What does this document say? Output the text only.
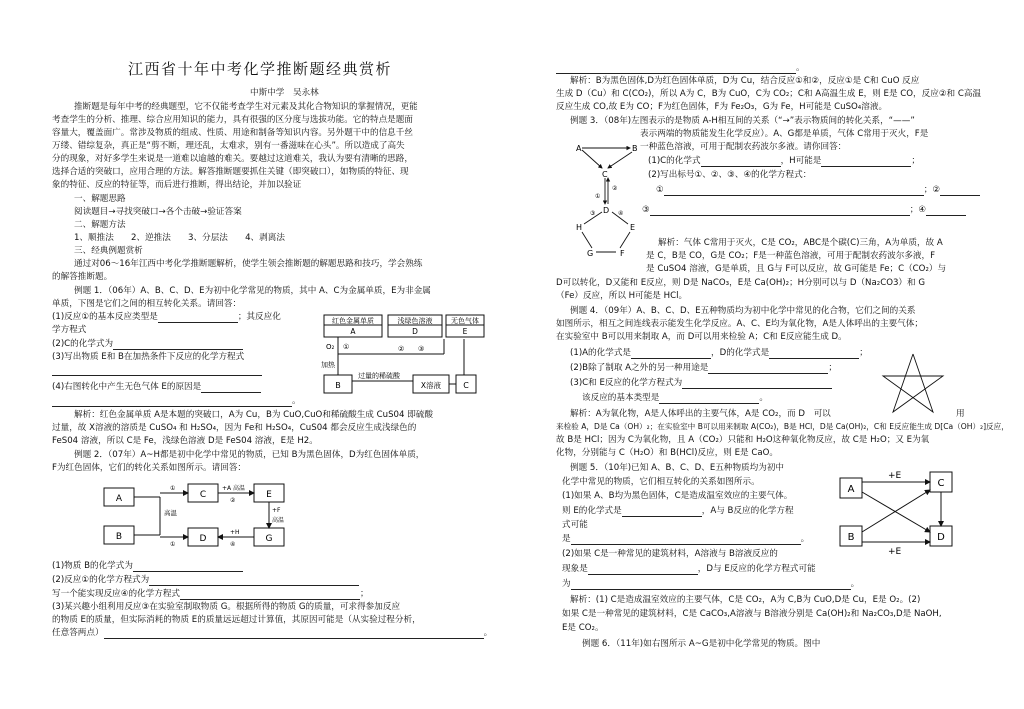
江西省十年中考化学推断题经典赏析
中斯中学　吴永林
推断题是每年中考的经典题型，它不仅能考查学生对元素及其化合物知识的掌握情况，更能
考查学生的分析、推理、综合应用知识的能力，具有很强的区分度与选拔功能。它的特点是题面
容量大，覆盖面广。常涉及物质的组成、性质、用途和制备等知识内容。另外题干中的信息千丝
万缕、错综复杂，真正是“剪不断，理还乱，太难求，别有一番滋味在心头”。所以造成了高失
分的现象，对好多学生来说是一道难以逾越的难关。要越过这道难关，我认为要有清晰的思路，
选择合适的突破口，应用合理的方法。解答推断题要抓住关键（即突破口），如物质的特征、现
象的特征、反应的特征等，而后进行推断，得出结论，并加以验证
一、解题思路
阅读题目→寻找突破口→各个击破→验证答案
二、解题方法
1、顺推法　　2、逆推法　　3、分层法　　4、剥离法
三、经典例题赏析
通过对06～16年江西中考化学推断题解析，使学生领会推断题的解题思路和技巧，学会熟练
的解答推断题。
例题 1．（06年）A、B、C、D、E为初中化学常见的物质，其中 A、C为金属单质，E为非金属
单质，下图是它们之间的相互转化关系。请回答：
(1)反应①的基本反应类型是	；其反应化
学方程式
(2)C的化学式为
(3)写出物质 E和 B在加热条件下反应的化学方程式
(4)右图转化中产生无色气体 E的原因是
。
解析：红色金属单质 A是本题的突破口，A为 Cu，B为 CuO,CuO和稀硫酸生成 CuS04 即硫酸
过量，故 X溶液的溶质是 CuSO₄ 和 H₂SO₄，因为 Fe和 H₂SO₄，CuS04 都会反应生成浅绿色的
FeS04 溶液，所以 C是 Fe，浅绿色溶液 D是 FeS04 溶液，E是 H2。
例题 2．（07年）A~H都是初中化学中常见的物质，已知 B为黑色固体，D为红色固体单质，
F为红色固体，它们的转化关系如图所示。请回答：
(1)物质 B的化学式为
(2)反应①的化学方程式为
写一个能实现反应④的化学方程式	；
(3)某兴趣小组利用反应③在实验室制取物质 G。根据所得的物质 G的质量，可求得参加反应
的物质 E的质量，但实际消耗的物质 E的质量远远超过计算值，其原因可能是（从实验过程分析，
任意答两点）	。
红色金属单质
A
浅绿色溶液
D
无色气体
E
O₂ ①	② ③
加热
过量的稀硫酸
B	X溶液	C
A
B
C
D
E
G
高温
①
①
+A 高温
②
+F
高温
+H
④
。
解析：B为黑色固体,D为红色固体单质，D为 Cu，结合反应①和②，反应①是 C和 CuO 反应
生成 D（Cu）和 C(CO₂)，所以 A为 C，B为 CuO，C为 CO₂；C和 A高温生成 E，则 E是 CO，反应②和 C高温
反应生成 CO,故 E为 CO；F为红色固体，F为 Fe₂O₃，G为 Fe，H可能是 CuSO₄溶液。
例题 3．（08年)左图表示的是物质 A-H相互间的关系（“→”表示物质间的转化关系，“——”
表示两端的物质能发生化学反应）。A、G都是单质，气体 C常用于灭火，F是
一种蓝色溶液，可用于配制农药波尔多液。请你回答：
(1)C的化学式	，H可能是	；
(2)写出标号①、②、③、④的化学方程式：
①	；②
③	；④
解析：气体 C常用于灭火，C是 CO₂，ABC是个碳(C)三角，A为单质，故 A
是 C，B是 CO，G是 CO₂；F是一种蓝色溶液，可用于配制农药波尔多液，F
是 CuSO4 溶液，G是单质，且 G与 F可以反应，故 G可能是 Fe；C（CO₂）与
D可以转化，D又能和 E反应，则 D是 NaCO₃，E是 Ca(OH)₂；H分别可以与 D（Na₂CO3）和 G
（Fe）反应，所以 H可能是 HCl。
例题 4．（09年）A、B、C、D、E五种物质均为初中化学中常见的化合物，它们之间的关系
如图所示，相互之间连线表示能发生化学反应。A、C、E均为氧化物，A是人体呼出的主要气体；
在实验室中 B可以用来制取 A，而 D可以用来检验 A；C和 E反应能生成 D。
(1)A的化学式是	，D的化学式是	；
(2)B除了制取 A之外的另一种用途是	；
(3)C和 E反应的化学方程式为
该反应的基本类型是	。
解析：A为氧化物，A是人体呼出的主要气体，A是 CO₂，而 D　可以	用
来检验 A，D是 Ca（OH）₂；在实验室中 B可以用来制取 A(CO₂)，B是 HCl，D是 Ca(OH)₂，C和 E反应能生成 D[Ca（OH）₂]反应，
故 B是 HCl；因为 C为氧化物，且 A（CO₂）只能和 H₂O这种氧化物反应，故 C是 H₂O；又 E为氧
化物，分别能与 C（H₂O）和 B(HCl)反应，则 E是 CaO。
例题 5．（10年)已知 A、B、C、D、E五种物质均为初中
化学中常见的物质，它们相互转化的关系如图所示。
(1)如果 A、B均为黑色固体，C是造成温室效应的主要气体。
则 E的化学式是	，A与 B反应的化学方程
式可能
是	。
(2)如果 C是一种常见的建筑材料，A溶液与 B溶液反应的
现象是	，D与 E反应的化学方程式可能
为	。
解析：(1) C是造成温室效应的主要气体，C是 CO₂，A为 C,B为 CuO,D是 Cu，E是 O₂。(2)
如果 C是一种常见的建筑材料，C是 CaCO₃,A溶液与 B溶液分别是 Ca(OH)₂和 Na₂CO₃,D是 NaOH,
E是 CO₂。
例题 6．（11年)如右图所示 A~G是初中化学常见的物质。图中
A	B
C
D
H	E
G	F
①
②
③	④
A
B
C
D
+E
+E
